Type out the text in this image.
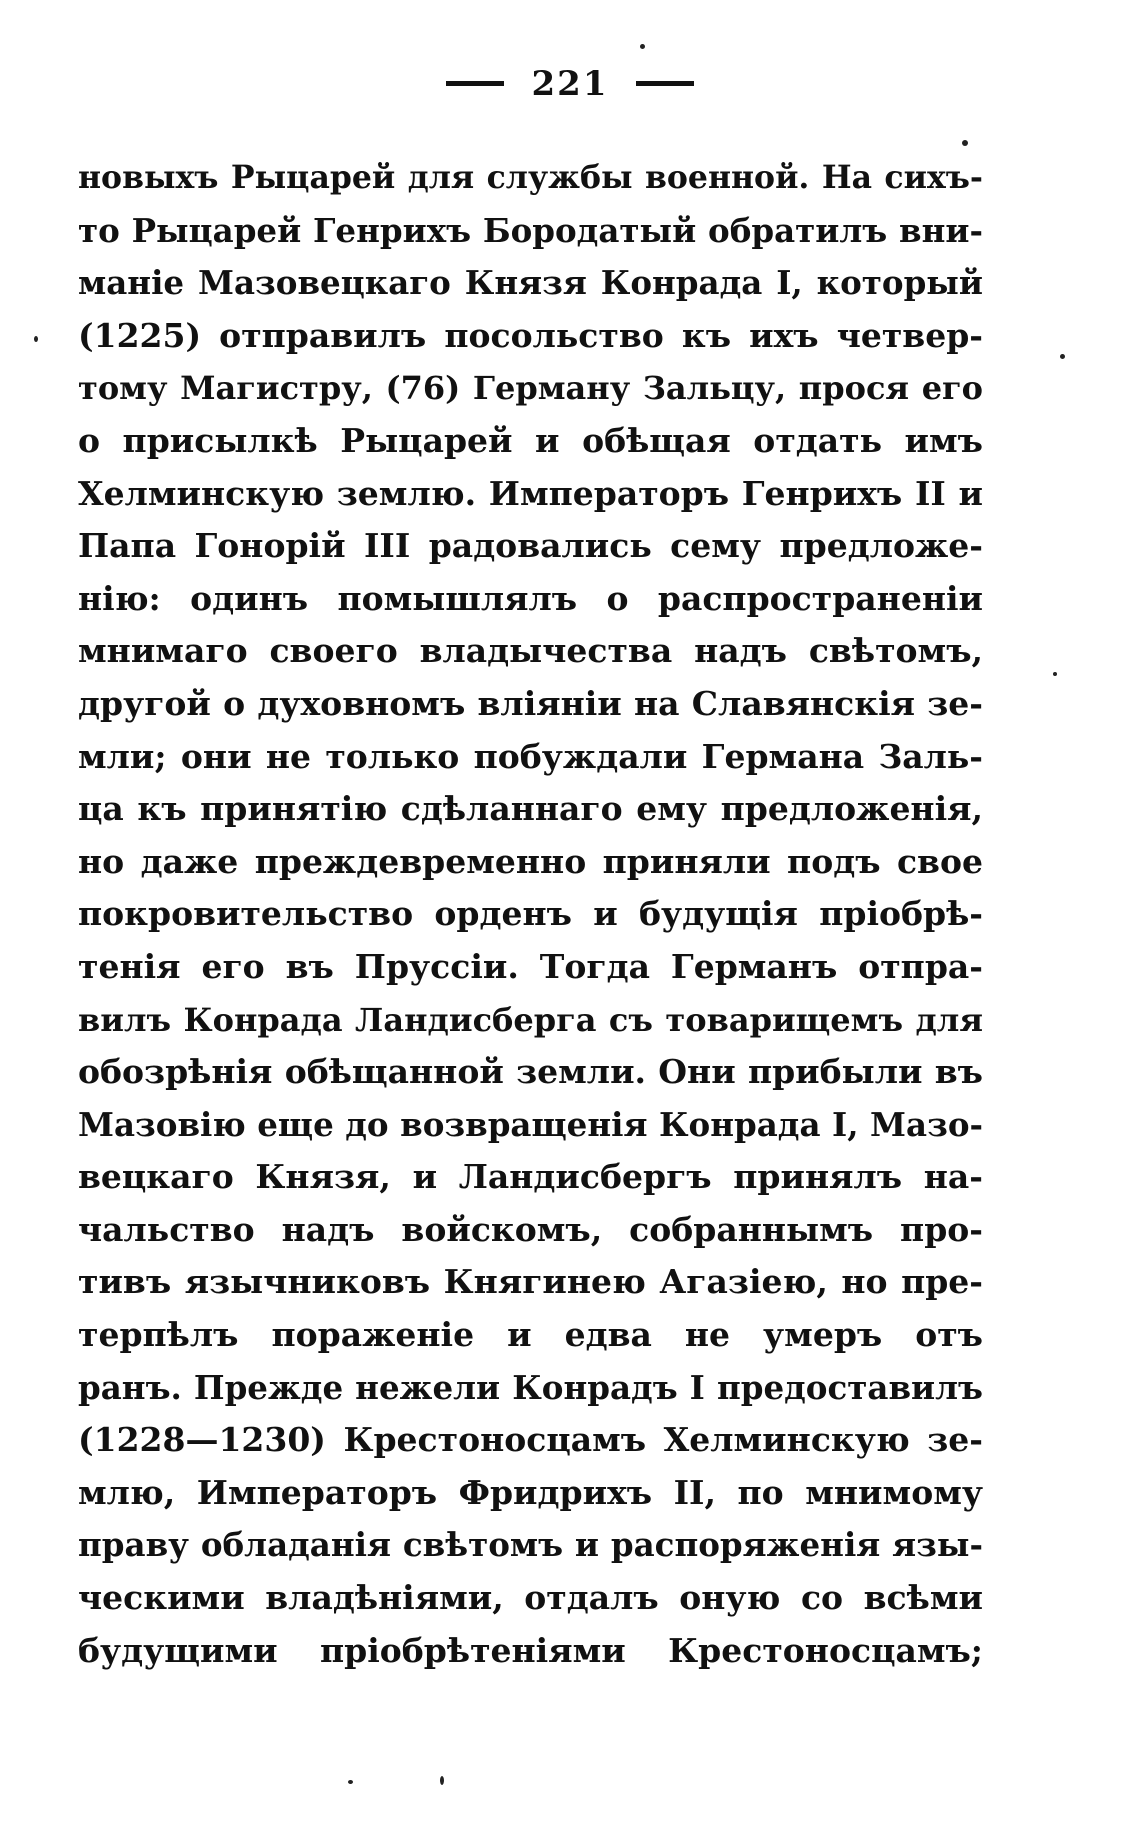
221
новыхъ Рыцарей для службы военной. На сихъ-
то Рыцарей Генрихъ Бородатый обратилъ вни-
маніе Мазовецкаго Князя Конрада I, который
(1225) отправилъ посольство къ ихъ четвер-
тому Магистру, (76) Герману Зальцу, прося его
о присылкѣ Рыцарей и обѣщая отдать имъ
Хелминскую землю. Императоръ Генрихъ II и
Папа Гонорій III радовались сему предложе-
нію: одинъ помышлялъ о распространеніи
мнимаго своего владычества надъ свѣтомъ,
другой о духовномъ вліяніи на Славянскія зе-
мли; они не только побуждали Германа Заль-
ца къ принятію сдѣланнаго ему предложенія,
но даже преждевременно приняли подъ свое
покровительство орденъ и будущія пріобрѣ-
тенія его въ Пруссіи. Тогда Германъ отпра-
вилъ Конрада Ландисберга съ товарищемъ для
обозрѣнія обѣщанной земли. Они прибыли въ
Мазовію еще до возвращенія Конрада I, Мазо-
вецкаго Князя, и Ландисбергъ принялъ на-
чальство надъ войскомъ, собраннымъ про-
тивъ язычниковъ Княгинею Агазіею, но пре-
терпѣлъ пораженіе и едва не умеръ отъ
ранъ. Прежде нежели Конрадъ I предоставилъ
(1228—1230) Крестоносцамъ Хелминскую зе-
млю, Императоръ Фридрихъ II, по мнимому
праву обладанія свѣтомъ и распоряженія язы-
ческими владѣніями, отдалъ оную со всѣми
будущими пріобрѣтеніями Крестоносцамъ;
